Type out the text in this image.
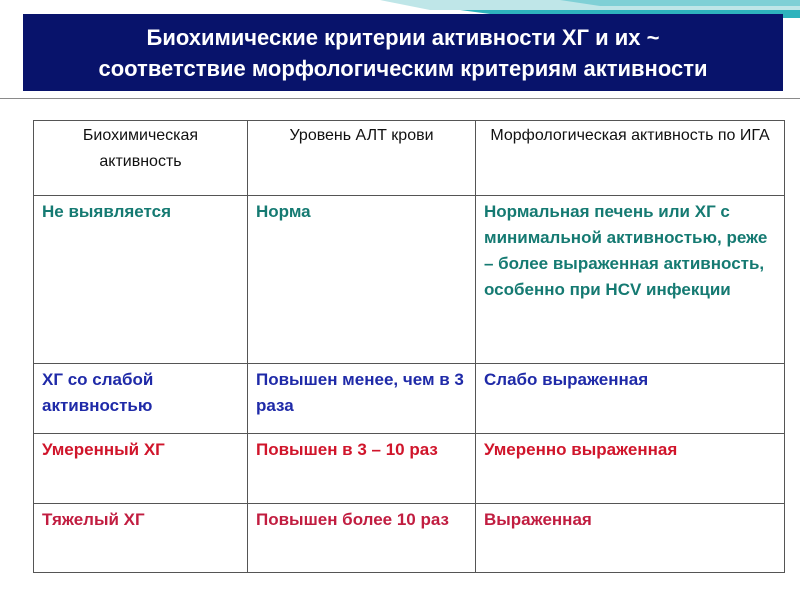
Биохимические критерии активности ХГ и их ~
соответствие морфологическим критериям активности
Биохимическая активность	Уровень АЛТ крови	Морфологическая активность по ИГА
Не выявляется	Норма	Нормальная печень или ХГ с минимальной активностью, реже – более выраженная активность, особенно при HCV инфекции
ХГ со слабой активностью	Повышен менее, чем в 3 раза	Слабо выраженная
Умеренный ХГ	Повышен в 3 – 10 раз	Умеренно выраженная
Тяжелый ХГ	Повышен более 10 раз	Выраженная
